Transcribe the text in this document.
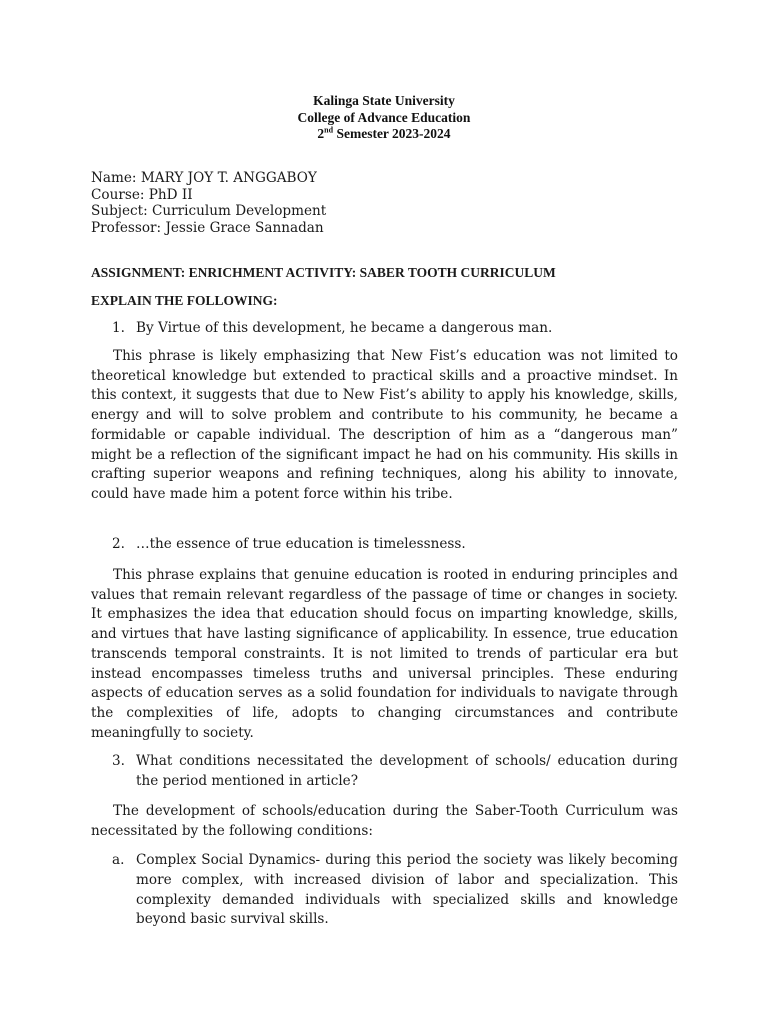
Kalinga State University
College of Advance Education
2nd Semester 2023-2024
Name: MARY JOY T. ANGGABOY
Course: PhD II
Subject: Curriculum Development
Professor: Jessie Grace Sannadan
ASSIGNMENT: ENRICHMENT ACTIVITY: SABER TOOTH CURRICULUM
EXPLAIN THE FOLLOWING:
1. By Virtue of this development, he became a dangerous man.
This phrase is likely emphasizing that New Fist’s education was not limited to theoretical knowledge but extended to practical skills and a proactive mindset. In this context, it suggests that due to New Fist’s ability to apply his knowledge, skills, energy and will to solve problem and contribute to his community, he became a formidable or capable individual. The description of him as a “dangerous man” might be a reflection of the significant impact he had on his community. His skills in crafting superior weapons and refining techniques, along his ability to innovate, could have made him a potent force within his tribe.
2. …the essence of true education is timelessness.
This phrase explains that genuine education is rooted in enduring principles and values that remain relevant regardless of the passage of time or changes in society. It emphasizes the idea that education should focus on imparting knowledge, skills, and virtues that have lasting significance of applicability. In essence, true education transcends temporal constraints. It is not limited to trends of particular era but instead encompasses timeless truths and universal principles. These enduring aspects of education serves as a solid foundation for individuals to navigate through the complexities of life, adopts to changing circumstances and contribute meaningfully to society.
3. What conditions necessitated the development of schools/ education during the period mentioned in article?
The development of schools/education during the Saber-Tooth Curriculum was necessitated by the following conditions:
a. Complex Social Dynamics- during this period the society was likely becoming more complex, with increased division of labor and specialization. This complexity demanded individuals with specialized skills and knowledge beyond basic survival skills.
